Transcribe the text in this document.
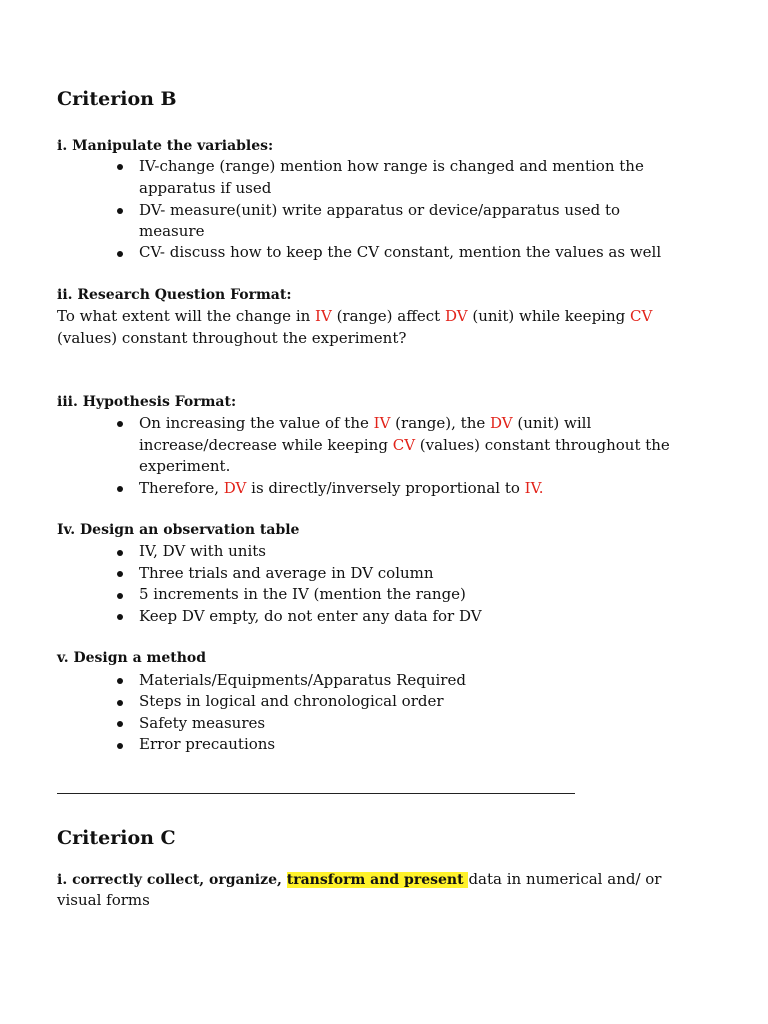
Criterion B
i. Manipulate the variables:
IV-change (range) mention how range is changed and mention the
apparatus if used
DV- measure(unit) write apparatus or device/apparatus used to
measure
CV- discuss how to keep the CV constant, mention the values as well
ii. Research Question Format:
To what extent will the change in IV (range) affect DV (unit) while keeping CV
(values) constant throughout the experiment?
iii. Hypothesis Format:
On increasing the value of the IV (range), the DV (unit) will
increase/decrease while keeping CV (values) constant throughout the
experiment.
Therefore, DV is directly/inversely proportional to IV.
Iv. Design an observation table
IV, DV with units
Three trials and average in DV column
5 increments in the IV (mention the range)
Keep DV empty, do not enter any data for DV
v. Design a method
Materials/Equipments/Apparatus Required
Steps in logical and chronological order
Safety measures
Error precautions
Criterion C
i. correctly collect, organize, transform and present data in numerical and/ or
visual forms
